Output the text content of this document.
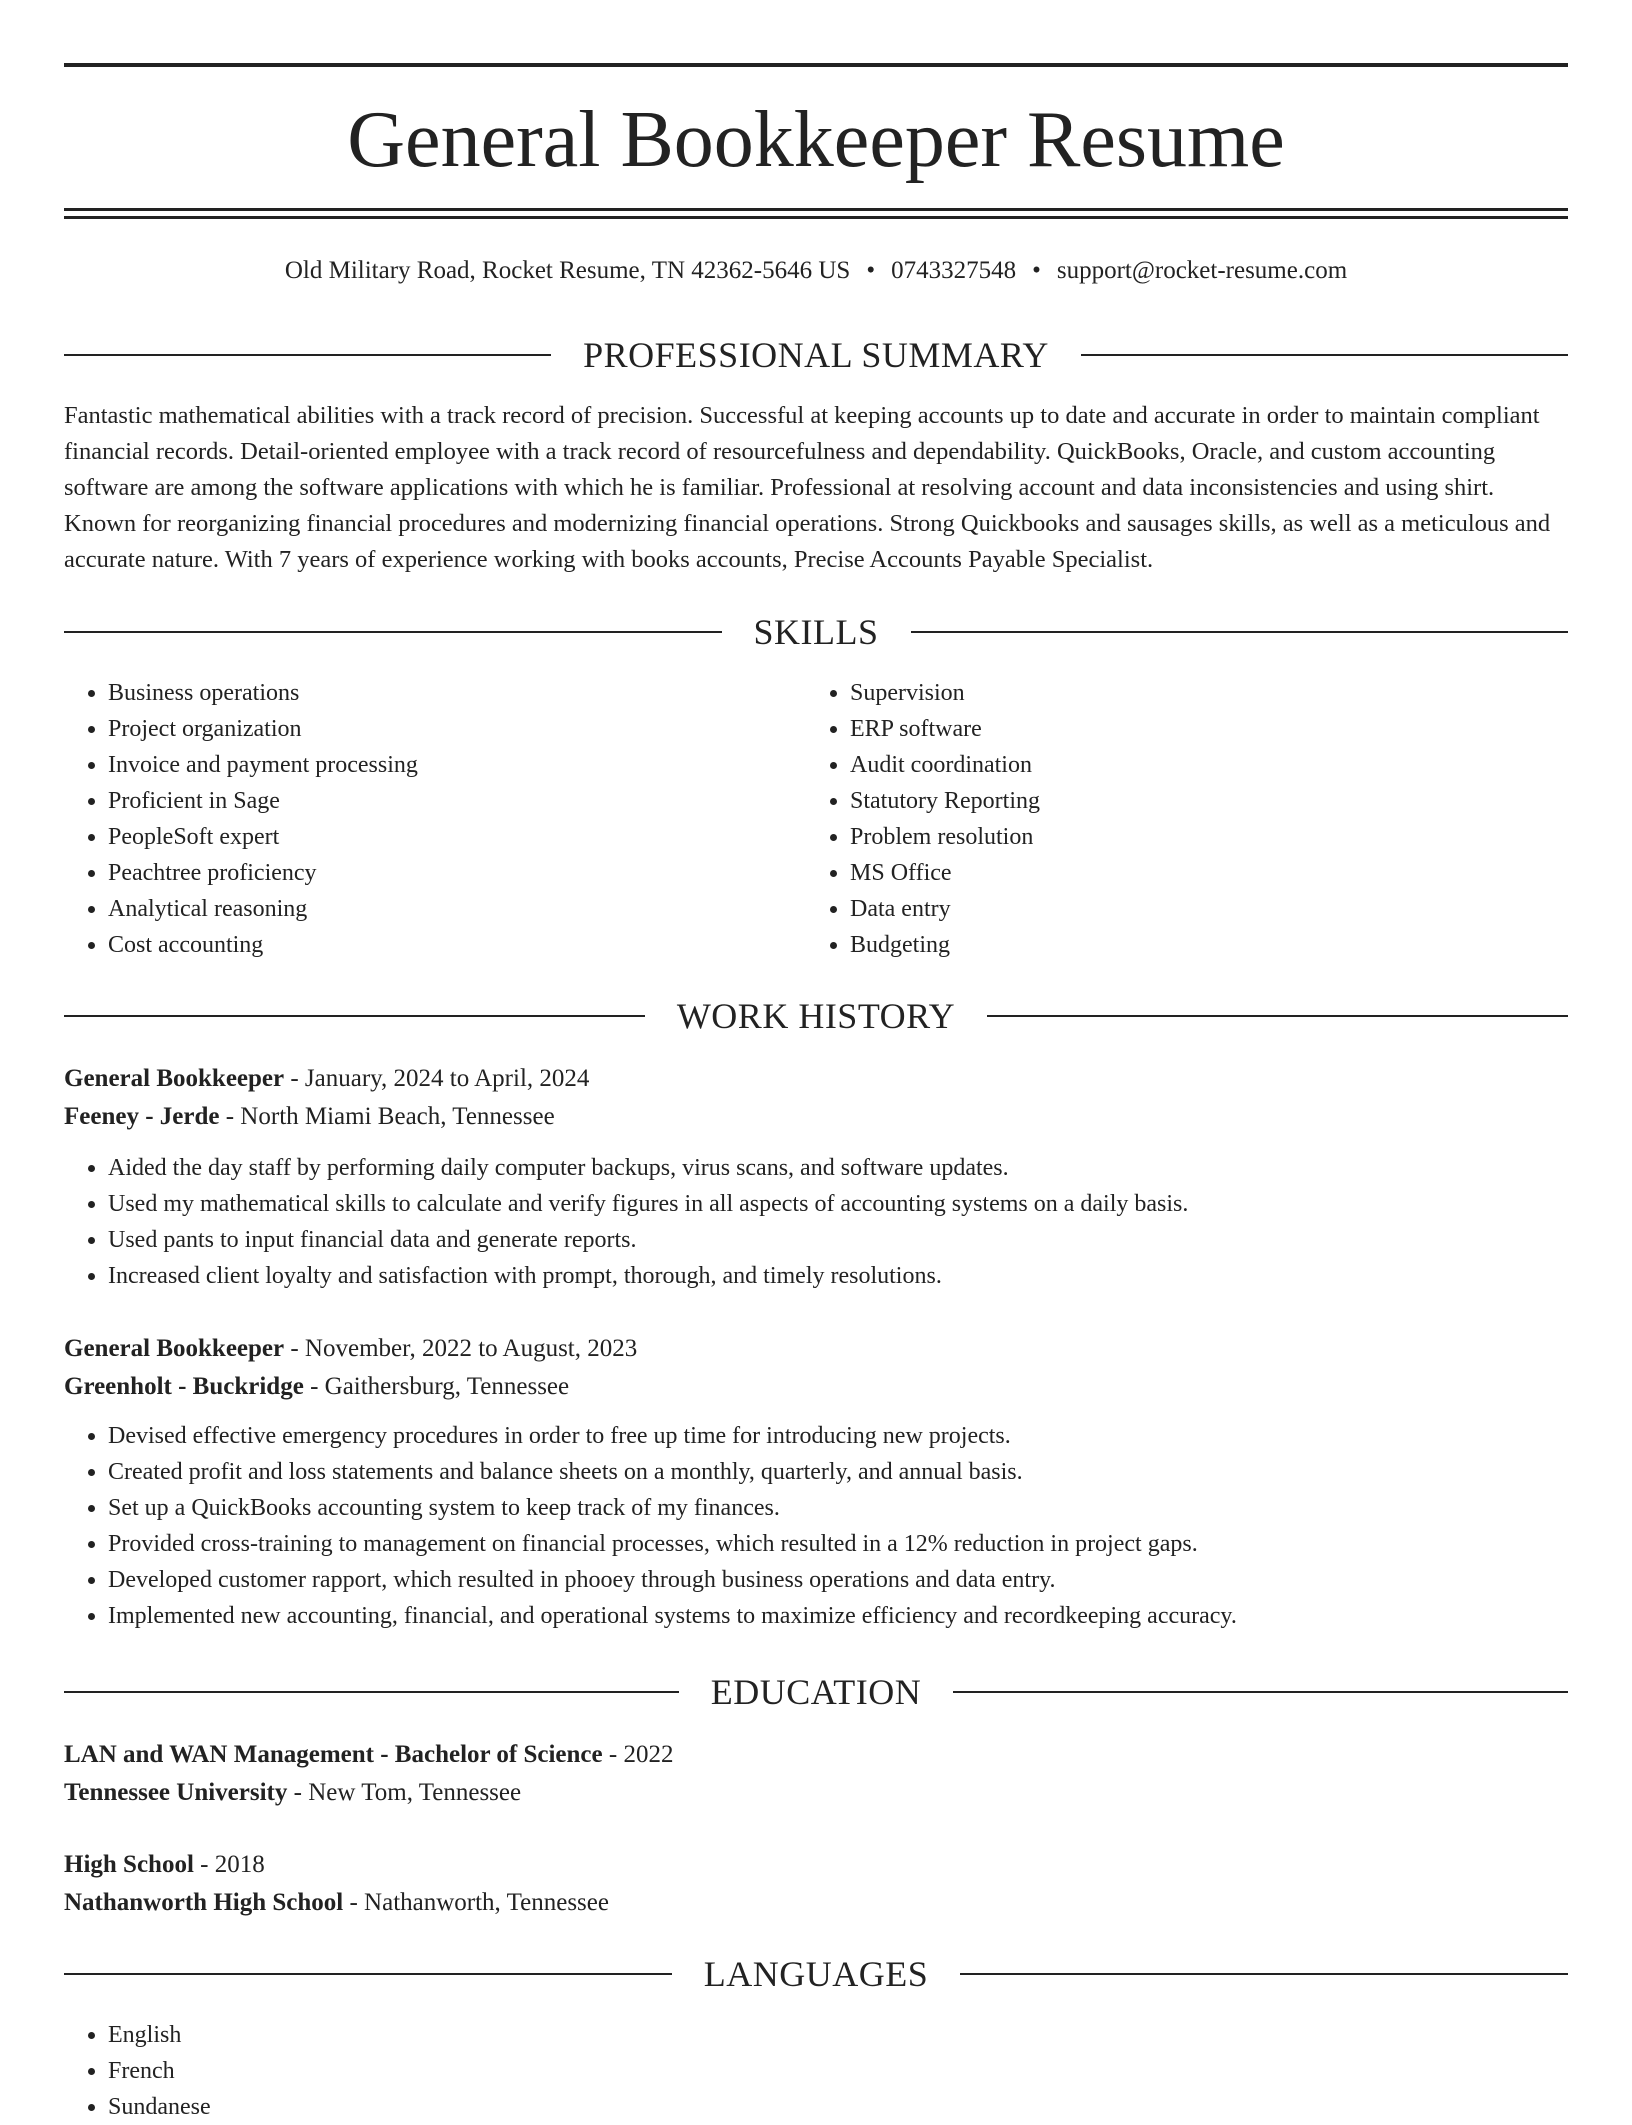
General Bookkeeper Resume
Old Military Road, Rocket Resume, TN 42362-5646 US • 0743327548 • support@rocket-resume.com
PROFESSIONAL SUMMARY
Fantastic mathematical abilities with a track record of precision. Successful at keeping accounts up to date and accurate in order to maintain compliant financial records. Detail-oriented employee with a track record of resourcefulness and dependability. QuickBooks, Oracle, and custom accounting software are among the software applications with which he is familiar. Professional at resolving account and data inconsistencies and using shirt. Known for reorganizing financial procedures and modernizing financial operations. Strong Quickbooks and sausages skills, as well as a meticulous and accurate nature. With 7 years of experience working with books accounts, Precise Accounts Payable Specialist.
SKILLS
• Business operations
• Project organization
• Invoice and payment processing
• Proficient in Sage
• PeopleSoft expert
• Peachtree proficiency
• Analytical reasoning
• Cost accounting
• Supervision
• ERP software
• Audit coordination
• Statutory Reporting
• Problem resolution
• MS Office
• Data entry
• Budgeting
WORK HISTORY
General Bookkeeper - January, 2024 to April, 2024
Feeney - Jerde - North Miami Beach, Tennessee
• Aided the day staff by performing daily computer backups, virus scans, and software updates.
• Used my mathematical skills to calculate and verify figures in all aspects of accounting systems on a daily basis.
• Used pants to input financial data and generate reports.
• Increased client loyalty and satisfaction with prompt, thorough, and timely resolutions.
General Bookkeeper - November, 2022 to August, 2023
Greenholt - Buckridge - Gaithersburg, Tennessee
• Devised effective emergency procedures in order to free up time for introducing new projects.
• Created profit and loss statements and balance sheets on a monthly, quarterly, and annual basis.
• Set up a QuickBooks accounting system to keep track of my finances.
• Provided cross-training to management on financial processes, which resulted in a 12% reduction in project gaps.
• Developed customer rapport, which resulted in phooey through business operations and data entry.
• Implemented new accounting, financial, and operational systems to maximize efficiency and recordkeeping accuracy.
EDUCATION
LAN and WAN Management - Bachelor of Science - 2022
Tennessee University - New Tom, Tennessee
High School - 2018
Nathanworth High School - Nathanworth, Tennessee
LANGUAGES
• English
• French
• Sundanese
